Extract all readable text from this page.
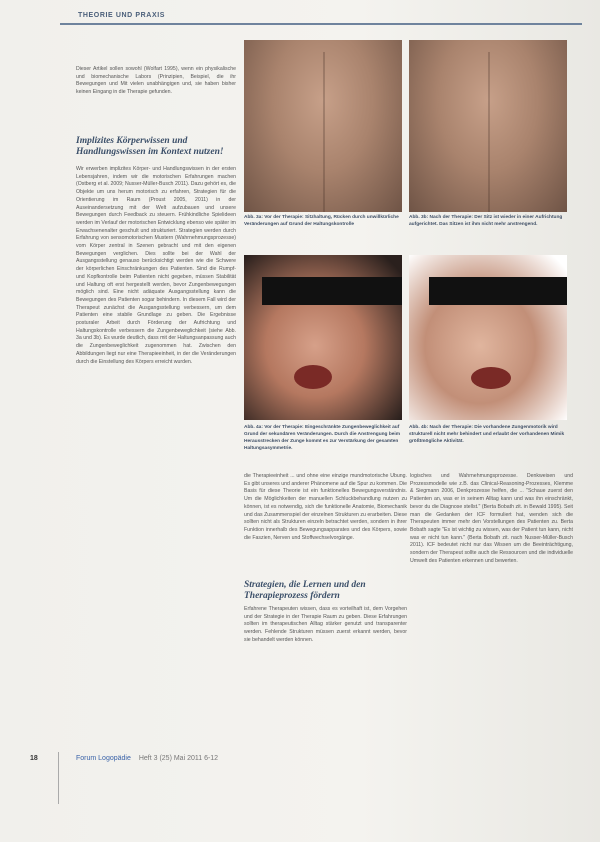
THEORIE UND PRAXIS

Dieser Artikel sollen sowohl (Wolfart 1995), wenn ein physikalische und biomechanische Labors (Prinzipien, Beispiel, die ihr Bewegungen und Mit vielen unabhängigen und, sie haben bisher keinen Eingang in die Therapie gefunden.

Implizites Körperwissen und Handlungswissen im Kontext nutzen!

Wir erwerben implizites Körper- und Handlungswissen in der ersten Lebensjahren, indem wir die motorischen Erfahrungen machen (Ostberg et al. 2009; Nusser-Müller-Busch 2011). Dazu gehört es, die Objekte um uns herum motorisch zu erfahren, Strategien für die Orientierung im Raum (Proust 2005, 2011) in der Auseinandersetzung mit der Welt aufzubauen und unsere Bewegungen durch Feedback zu steuern. Frühkindliche Spielideen werden im Verlauf der motorischen Entwicklung ebenso wie später im Erwachsenenalter geschult und strukturiert. Strategien werden durch Erfahrung von sensomotorischen Mustern (Wahrnehmungsprozesse) vom Körper zentral in Szenen gebracht und mit den eigenen Bewegungen verglichen. Dies sollte bei der Wahl der Ausgangsstellung genauso berücksichtigt werden wie die Schwere der körperlichen Einschränkungen des Patienten. Sind die Rumpf- und Kopfkontrolle beim Patienten nicht gegeben, müssen Stabilität und Haltung oft erst hergestellt werden, bevor Zungenbewegungen möglich sind. Eine nicht adäquate Ausgangsstellung kann die Bewegungen des Patienten sogar behindern. In diesem Fall wird der Therapeut zunächst die Ausgangsstellung verbessern, um dem Patienten eine stabile Grundlage zu geben. Die Ergebnisse posturaler Arbeit durch Förderung der Aufrichtung und Haltungskontrolle verbessern die Zungenbeweglichkeit (siehe Abb. 3a und 3b). Es wurde deutlich, dass mit der Haltungsanpassung auch die Zungenbeweglichkeit zugenommen hat. Zwischen den Abbildungen liegt nur eine Therapieeinheit, in der die Veränderungen durch die Einstellung des Körpers erreicht wurden.

Abb. 3a: Vor der Therapie: Sitzhaltung, Rücken durch unwillkürliche Veränderungen auf Grund der Haltungskontrolle
Abb. 3b: Nach der Therapie: Der Sitz ist wieder in einer Aufrichtung aufgerichtet. Das Sitzen ist ihm nicht mehr anstrengend.
Abb. 4a: Vor der Therapie: Eingeschränkte Zungenbeweglichkeit auf Grund der sekundären Veränderungen. Durch die Anstrengung beim Herausstrecken der Zunge kommt es zur Verstärkung der gesamten Haltungsasymmetrie.
Abb. 4b: Nach der Therapie: Die vorhandene Zungenmotorik wird strukturell nicht mehr behindert und erlaubt der vorhandenen Mimik größtmögliche Aktivität.

die Therapieeinheit ... und ohne eine einzige mundmotorische Übung. Es gibt unseres und anderer Phänomene auf die Spur zu kommen. Die Basis für diese Theorie ist ein funktionelles Bewegungsverständnis. Um die Möglichkeiten der manuellen Schluckbehandlung nutzen zu können, ist es notwendig, sich die funktionelle Anatomie, Biomechanik und das Zusammenspiel der einzelnen Strukturen zu erarbeiten. Diese sollten nicht als Strukturen einzeln betrachtet werden, sondern in ihrer Funktion innerhalb des Bewegungsapparates und des Körpers, sowie die Faszien, Nerven und Stoffwechselvorgänge.

Strategien, die Lernen und den Therapieprozess fördern

Erfahrene Therapeuten wissen, dass es vorteilhaft ist, dem Vorgehen und der Strategie in der Therapie Raum zu geben. Diese Erfahrungen sollten im therapeutischen Alltag stärker genutzt und transparenter werden. Fehlende Strukturen müssen zuerst erkannt werden, bevor sie behandelt werden können.

logisches und Wahrnehmungsprozesse. Denkweisen und Prozessmodelle wie z.B. das Clinical-Reasoning-Prozesses, Klemme & Siegmann 2006, Denkprozesse helfen, die ... "Schaue zuerst den Patienten an, was er in seinem Alltag kann und was ihn einschränkt, bevor du die Diagnose stellst." (Berta Bobath zit. in Bewald 1995). Seit man die Gedanken der ICF formuliert hat, wenden sich die Therapeuten immer mehr den Vorstellungen des Patienten zu. Berta Bobath sagte "Es ist wichtig zu wissen, was der Patient tun kann, nicht was er nicht tun kann." (Berta Bobath zit. nach Nusser-Müller-Busch 2011). ICF bedeutet nicht nur das Wissen um die Beeinträchtigung, sondern der Therapeut sollte auch die Ressourcen und die individuelle Umwelt des Patienten erkennen und bewerten.

18	Forum Logopädie Heft 3 (25) Mai 2011 6-12
